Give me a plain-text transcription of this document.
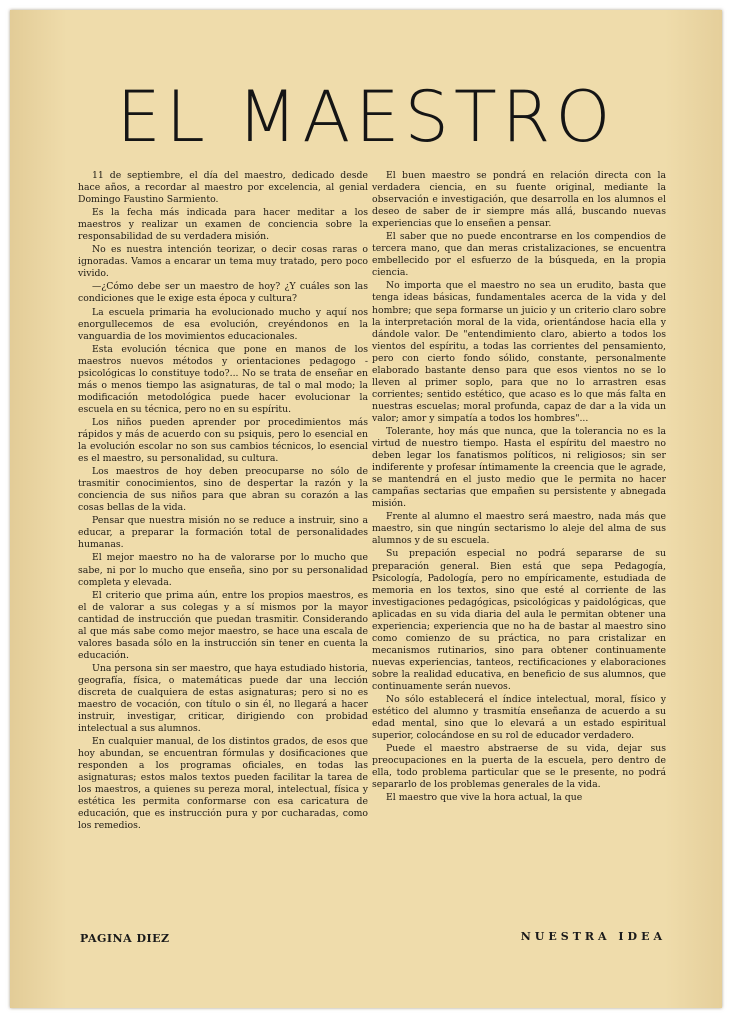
EL MAESTRO

11 de septiembre, el día del maestro, dedicado desde hace años, a recordar al maestro por excelencia, al genial Domingo Faustino Sarmiento.

Es la fecha más indicada para hacer meditar a los maestros y realizar un examen de conciencia sobre la responsabilidad de su verdadera misión.

No es nuestra intención teorizar, o decir cosas raras o ignoradas. Vamos a encarar un tema muy tratado, pero poco vivido.

—¿Cómo debe ser un maestro de hoy? ¿Y cuáles son las condiciones que le exige esta época y cultura?

La escuela primaria ha evolucionado mucho y aquí nos enorgullecemos de esa evolución, creyéndonos en la vanguardia de los movimientos educacionales.

Esta evolución técnica que pone en manos de los maestros nuevos métodos y orientaciones pedagogo - psicológicas lo constituye todo?... No se trata de enseñar en más o menos tiempo las asignaturas, de tal o mal modo; la modificación metodológica puede hacer evolucionar la escuela en su técnica, pero no en su espíritu.

Los niños pueden aprender por procedimientos más rápidos y más de acuerdo con su psiquis, pero lo esencial en la evolución escolar no son sus cambios técnicos, lo esencial es el maestro, su personalidad, su cultura.

Los maestros de hoy deben preocuparse no sólo de trasmitir conocimientos, sino de despertar la razón y la conciencia de sus niños para que abran su corazón a las cosas bellas de la vida.

Pensar que nuestra misión no se reduce a instruir, sino a educar, a preparar la formación total de personalidades humanas.

El mejor maestro no ha de valorarse por lo mucho que sabe, ni por lo mucho que enseña, sino por su personalidad completa y elevada.

El criterio que prima aún, entre los propios maestros, es el de valorar a sus colegas y a sí mismos por la mayor cantidad de instrucción que puedan trasmitir. Considerando al que más sabe como mejor maestro, se hace una escala de valores basada sólo en la instrucción sin tener en cuenta la educación.

Una persona sin ser maestro, que haya estudiado historia, geografía, física, o matemáticas puede dar una lección discreta de cualquiera de estas asignaturas; pero si no es maestro de vocación, con título o sin él, no llegará a hacer instruir, investigar, criticar, dirigiendo con probidad intelectual a sus alumnos.

En cualquier manual, de los distintos grados, de esos que hoy abundan, se encuentran fórmulas y dosificaciones que responden a los programas oficiales, en todas las asignaturas; estos malos textos pueden facilitar la tarea de los maestros, a quienes su pereza moral, intelectual, física y estética les permita conformarse con esa caricatura de educación, que es instrucción pura y por cucharadas, como los remedios.

El buen maestro se pondrá en relación directa con la verdadera ciencia, en su fuente original, mediante la observación e investigación, que desarrolla en los alumnos el deseo de saber de ir siempre más allá, buscando nuevas experiencias que lo enseñen a pensar.

El saber que no puede encontrarse en los compendios de tercera mano, que dan meras cristalizaciones, se encuentra embellecido por el esfuerzo de la búsqueda, en la propia ciencia.

No importa que el maestro no sea un erudito, basta que tenga ideas básicas, fundamentales acerca de la vida y del hombre; que sepa formarse un juicio y un criterio claro sobre la interpretación moral de la vida, orientándose hacia ella y dándole valor. De "entendimiento claro, abierto a todos los vientos del espíritu, a todas las corrientes del pensamiento, pero con cierto fondo sólido, constante, personalmente elaborado bastante denso para que esos vientos no se lo lleven al primer soplo, para que no lo arrastren esas corrientes; sentido estético, que acaso es lo que más falta en nuestras escuelas; moral profunda, capaz de dar a la vida un valor; amor y simpatía a todos los hombres"...

Tolerante, hoy más que nunca, que la tolerancia no es la virtud de nuestro tiempo. Hasta el espíritu del maestro no deben legar los fanatismos políticos, ni religiosos; sin ser indiferente y profesar íntimamente la creencia que le agrade, se mantendrá en el justo medio que le permita no hacer campañas sectarias que empañen su persistente y abnegada misión.

Frente al alumno el maestro será maestro, nada más que maestro, sin que ningún sectarismo lo aleje del alma de sus alumnos y de su escuela.

Su prepación especial no podrá separarse de su preparación general. Bien está que sepa Pedagogía, Psicología, Padología, pero no empíricamente, estudiada de memoria en los textos, sino que esté al corriente de las investigaciones pedagógicas, psicológicas y paidológicas, que aplicadas en su vida diaria del aula le permitan obtener una experiencia; experiencia que no ha de bastar al maestro sino como comienzo de su práctica, no para cristalizar en mecanismos rutinarios, sino para obtener continuamente nuevas experiencias, tanteos, rectificaciones y elaboraciones sobre la realidad educativa, en beneficio de sus alumnos, que continuamente serán nuevos.

No sólo establecerá el índice intelectual, moral, físico y estético del alumno y trasmitía enseñanza de acuerdo a su edad mental, sino que lo elevará a un estado espiritual superior, colocándose en su rol de educador verdadero.

Puede el maestro abstraerse de su vida, dejar sus preocupaciones en la puerta de la escuela, pero dentro de ella, todo problema particular que se le presente, no podrá separarlo de los problemas generales de la vida.

El maestro que vive la hora actual, la que

PAGINA DIEZ	NUESTRA IDEA
